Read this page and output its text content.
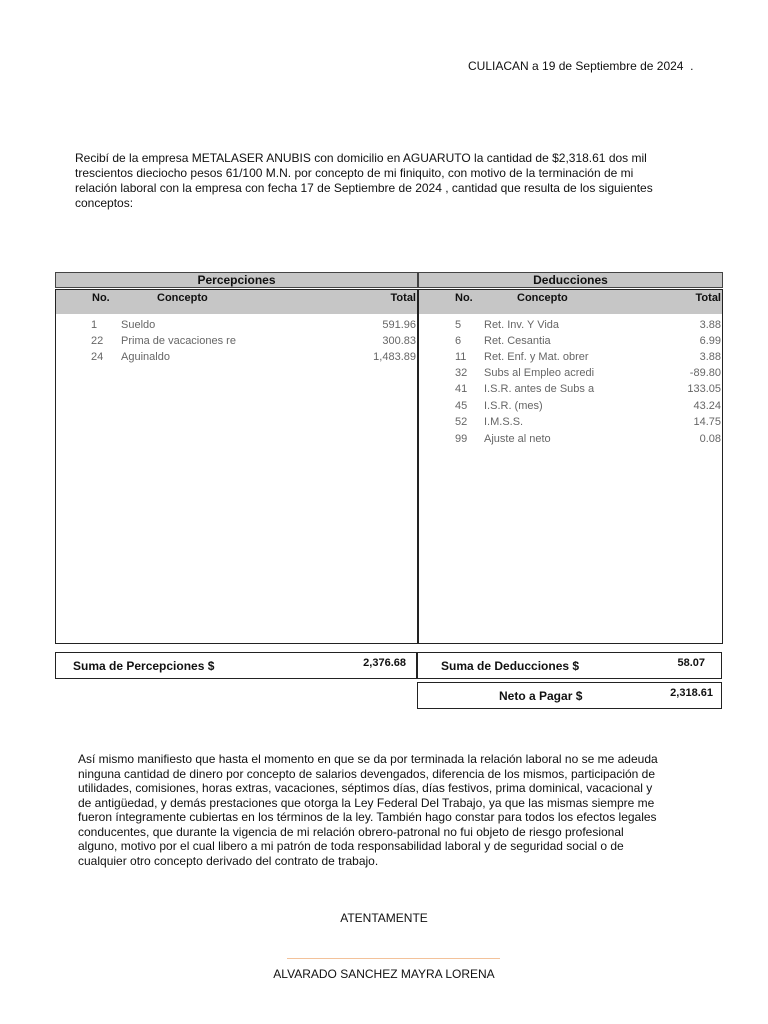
CULIACAN a 19 de Septiembre de 2024  .
Recibí de la empresa METALASER ANUBIS con domicilio en AGUARUTO la cantidad de $2,318.61 dos mil
trescientos dieciocho pesos 61/100 M.N. por concepto de mi finiquito, con motivo de la terminación de mi
relación laboral con la empresa con fecha 17 de Septiembre de 2024 , cantidad que resulta de los siguientes
conceptos:
Percepciones	Deducciones
No.	Concepto	Total	No.	Concepto	Total
1 Sueldo	591.96
22 Prima de vacaciones re	300.83
24 Aguinaldo	1,483.89
5 Ret. Inv. Y Vida	3.88
6 Ret. Cesantia	6.99
11 Ret. Enf. y Mat. obrer	3.88
32 Subs al Empleo acredi	-89.80
41 I.S.R. antes de Subs a	133.05
45 I.S.R. (mes)	43.24
52 I.M.S.S.	14.75
99 Ajuste al neto	0.08
Suma de Percepciones $	2,376.68	Suma de Deducciones $	58.07
Neto a Pagar $	2,318.61
Así mismo manifiesto que hasta el momento en que se da por terminada la relación laboral no se me adeuda
ninguna cantidad de dinero por concepto de salarios devengados, diferencia de los mismos, participación de
utilidades, comisiones, horas extras, vacaciones, séptimos días, días festivos, prima dominical, vacacional y
de antigüedad, y demás prestaciones que otorga la Ley Federal Del Trabajo, ya que las mismas siempre me
fueron íntegramente cubiertas en los términos de la ley. También hago constar para todos los efectos legales
conducentes, que durante la vigencia de mi relación obrero-patronal no fui objeto de riesgo profesional
alguno, motivo por el cual libero a mi patrón de toda responsabilidad laboral y de seguridad social o de
cualquier otro concepto derivado del contrato de trabajo.
ATENTAMENTE
ALVARADO SANCHEZ MAYRA LORENA
